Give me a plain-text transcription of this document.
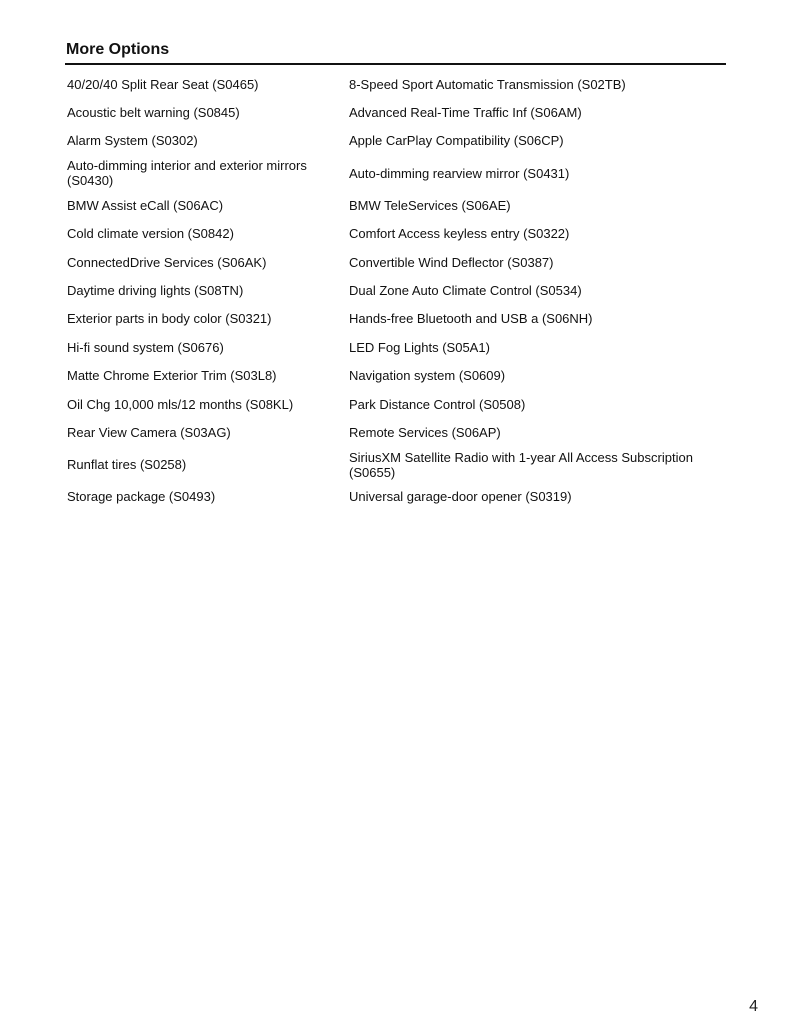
More Options
40/20/40 Split Rear Seat (S0465)	8-Speed Sport Automatic Transmission (S02TB)
Acoustic belt warning (S0845)	Advanced Real-Time Traffic Inf (S06AM)
Alarm System (S0302)	Apple CarPlay Compatibility (S06CP)
Auto-dimming interior and exterior mirrors (S0430)	Auto-dimming rearview mirror (S0431)
BMW Assist eCall (S06AC)	BMW TeleServices (S06AE)
Cold climate version (S0842)	Comfort Access keyless entry (S0322)
ConnectedDrive Services (S06AK)	Convertible Wind Deflector (S0387)
Daytime driving lights (S08TN)	Dual Zone Auto Climate Control (S0534)
Exterior parts in body color (S0321)	Hands-free Bluetooth and USB a (S06NH)
Hi-fi sound system (S0676)	LED Fog Lights (S05A1)
Matte Chrome Exterior Trim (S03L8)	Navigation system (S0609)
Oil Chg 10,000 mls/12 months (S08KL)	Park Distance Control (S0508)
Rear View Camera (S03AG)	Remote Services (S06AP)
Runflat tires (S0258)	SiriusXM Satellite Radio with 1-year All Access Subscription (S0655)
Storage package (S0493)	Universal garage-door opener (S0319)
4
